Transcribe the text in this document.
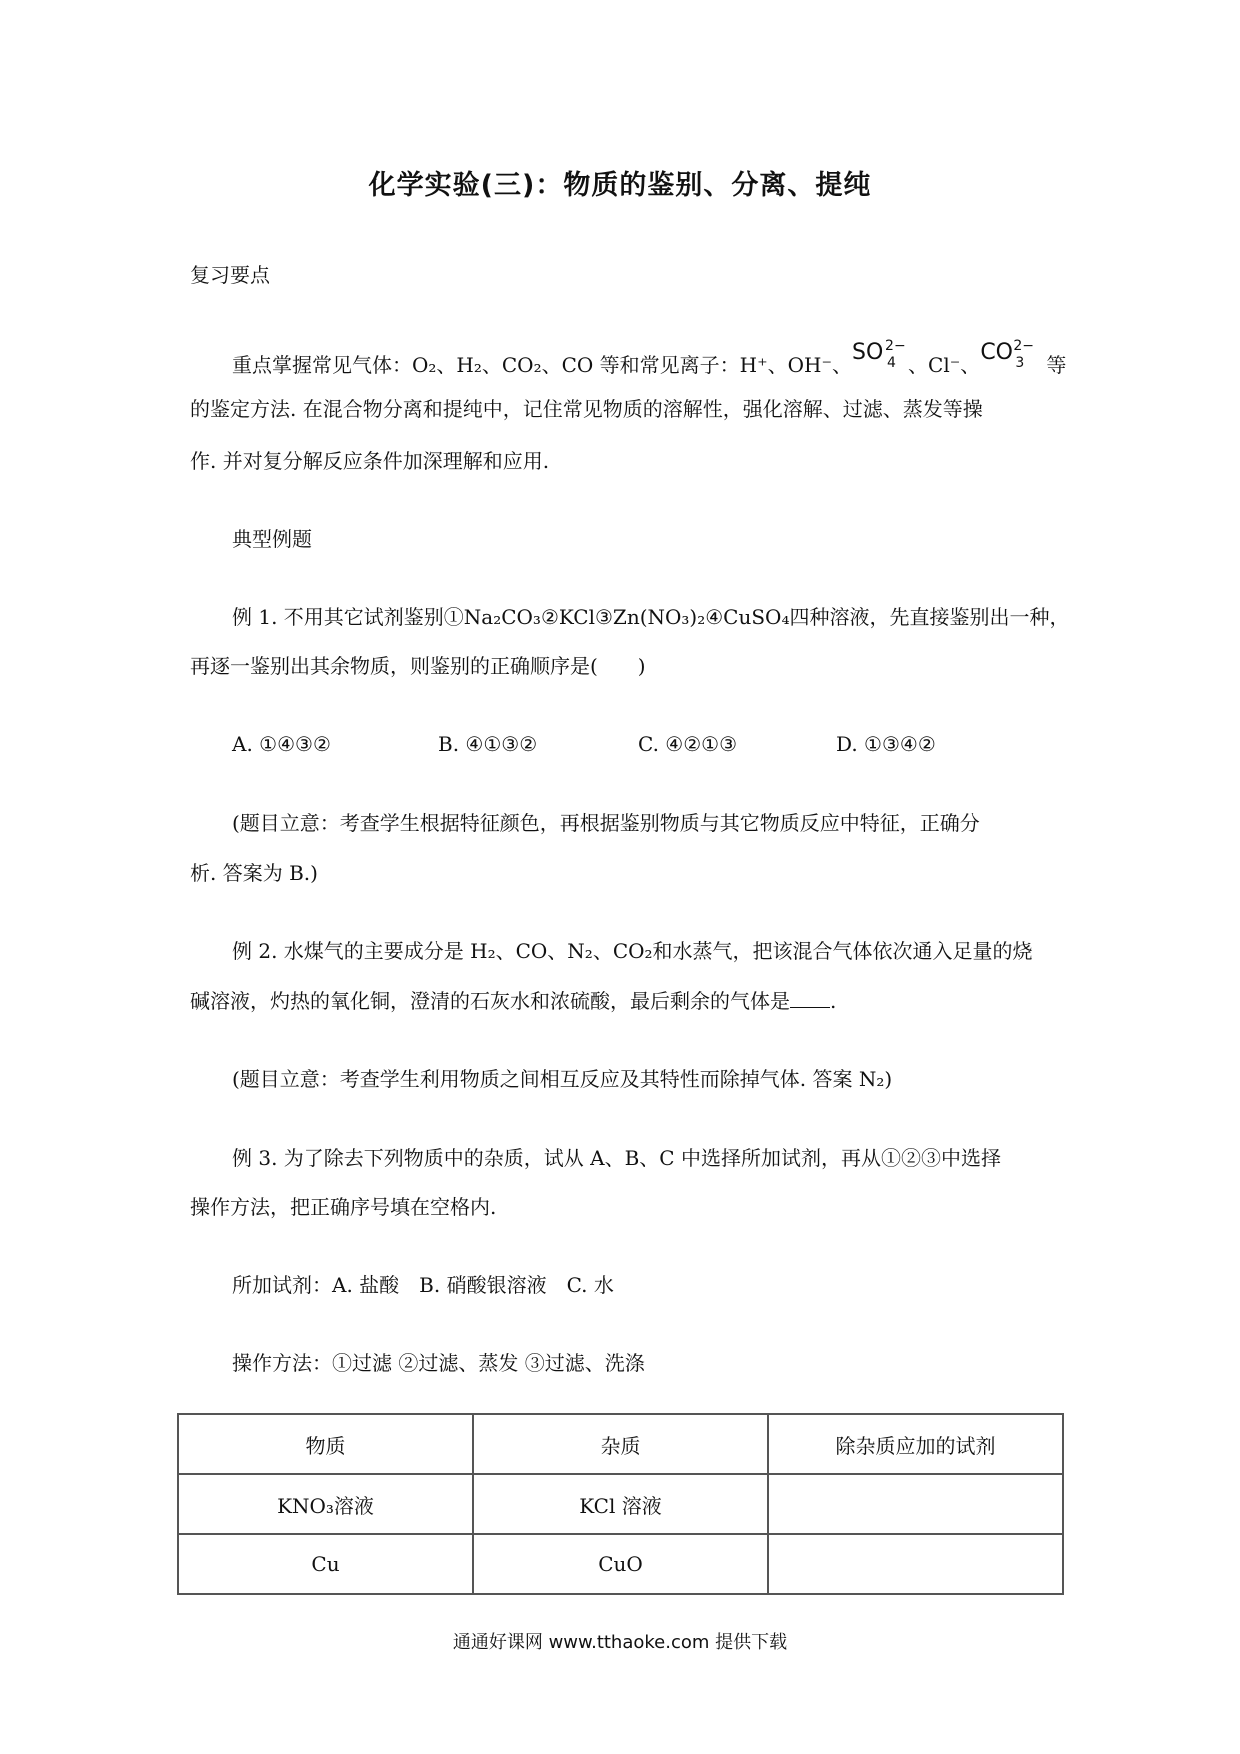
化学实验(三)：物质的鉴别、分离、提纯
复习要点
重点掌握常见气体：O₂、H₂、CO₂、CO 等和常见离子：H⁺、OH⁻、 SO 2−
4 、Cl⁻、 CO 2−
3 等
的鉴定方法. 在混合物分离和提纯中，记住常见物质的溶解性，强化溶解、过滤、蒸发等操
作. 并对复分解反应条件加深理解和应用.
典型例题
例 1. 不用其它试剂鉴别①Na₂CO₃②KCl③Zn(NO₃)₂④CuSO₄四种溶液，先直接鉴别出一种，
再逐一鉴别出其余物质，则鉴别的正确顺序是(　　)
A. ①④③②	B. ④①③②	C. ④②①③	D. ①③④②
(题目立意：考查学生根据特征颜色，再根据鉴别物质与其它物质反应中特征，正确分
析. 答案为 B.)
例 2. 水煤气的主要成分是 H₂、CO、N₂、CO₂和水蒸气，把该混合气体依次通入足量的烧
碱溶液，灼热的氧化铜，澄清的石灰水和浓硫酸，最后剩余的气体是 .
(题目立意：考查学生利用物质之间相互反应及其特性而除掉气体. 答案 N₂)
例 3. 为了除去下列物质中的杂质，试从 A、B、C 中选择所加试剂，再从①②③中选择
操作方法，把正确序号填在空格内.
所加试剂：A. 盐酸　B. 硝酸银溶液　C. 水
操作方法：①过滤 ②过滤、蒸发 ③过滤、洗涤
物质	杂质	除杂质应加的试剂
KNO₃溶液	KCl 溶液	
Cu	CuO	
通通好课网 www.tthaoke.com 提供下载
